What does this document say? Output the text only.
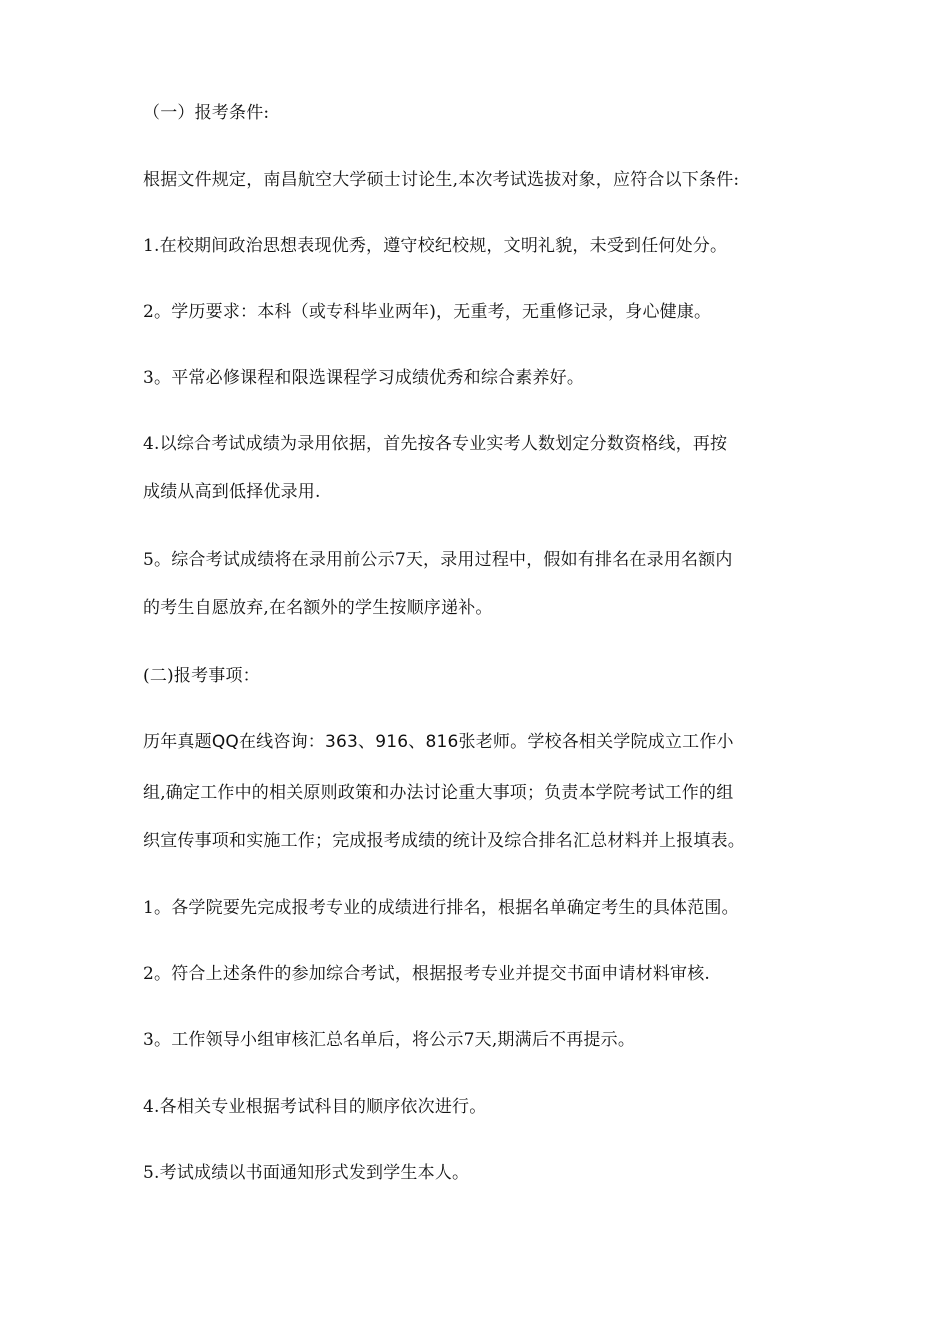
（一）报考条件:
根据文件规定，南昌航空大学硕士讨论生,本次考试选拔对象，应符合以下条件:
1.在校期间政治思想表现优秀，遵守校纪校规，文明礼貌，未受到任何处分。
2。学历要求：本科（或专科毕业两年)，无重考，无重修记录，身心健康。
3。平常必修课程和限选课程学习成绩优秀和综合素养好。
4.以综合考试成绩为录用依据，首先按各专业实考人数划定分数资格线，再按
成绩从高到低择优录用.
5。综合考试成绩将在录用前公示7天，录用过程中，假如有排名在录用名额内
的考生自愿放弃,在名额外的学生按顺序递补。
(二)报考事项：
历年真题QQ在线咨询：363、916、816张老师。学校各相关学院成立工作小
组,确定工作中的相关原则政策和办法讨论重大事项；负责本学院考试工作的组
织宣传事项和实施工作；完成报考成绩的统计及综合排名汇总材料并上报填表。
1。各学院要先完成报考专业的成绩进行排名，根据名单确定考生的具体范围。
2。符合上述条件的参加综合考试，根据报考专业并提交书面申请材料审核.
3。工作领导小组审核汇总名单后，将公示7天,期满后不再提示。
4.各相关专业根据考试科目的顺序依次进行。
5.考试成绩以书面通知形式发到学生本人。
